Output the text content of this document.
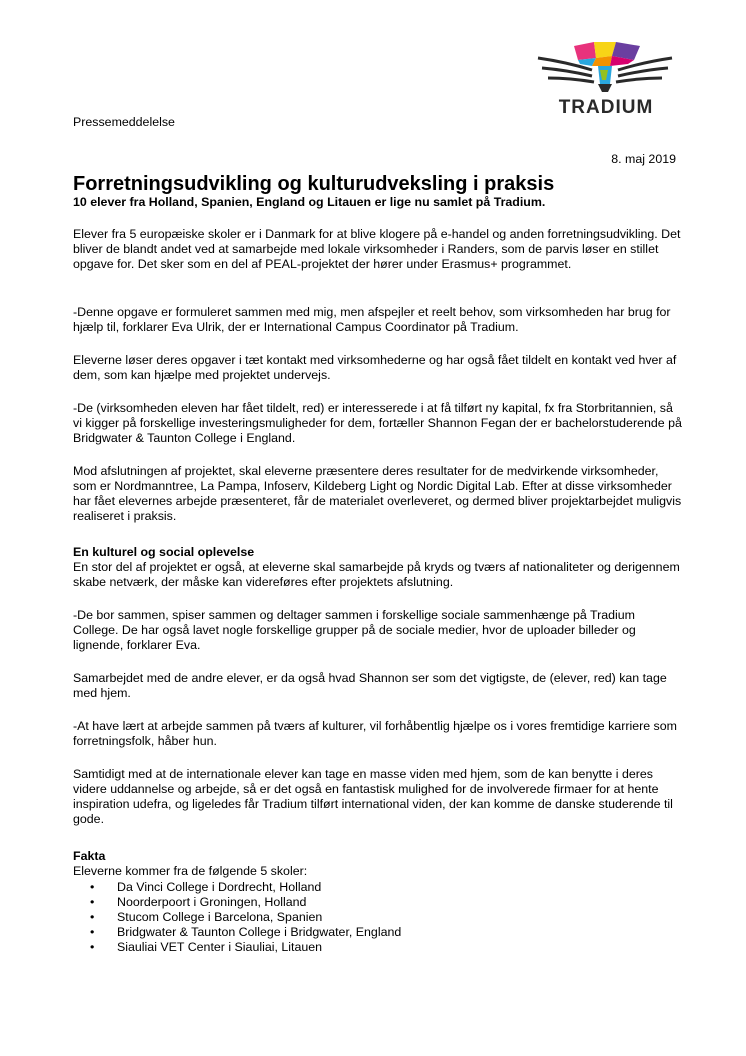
TRADIUM
Pressemeddelelse
8. maj 2019
Forretningsudvikling og kulturudveksling i praksis
10 elever fra Holland, Spanien, England og Litauen er lige nu samlet på Tradium.

Elever fra 5 europæiske skoler er i Danmark for at blive klogere på e-handel og anden forretningsudvikling. Det bliver de blandt andet ved at samarbejde med lokale virksomheder i Randers, som de parvis løser en stillet opgave for. Det sker som en del af PEAL-projektet der hører under Erasmus+ programmet.

-Denne opgave er formuleret sammen med mig, men afspejler et reelt behov, som virksomheden har brug for hjælp til, forklarer Eva Ulrik, der er International Campus Coordinator på Tradium.

Eleverne løser deres opgaver i tæt kontakt med virksomhederne og har også fået tildelt en kontakt ved hver af dem, som kan hjælpe med projektet undervejs.

-De (virksomheden eleven har fået tildelt, red) er interesserede i at få tilført ny kapital, fx fra Storbritannien, så vi kigger på forskellige investeringsmuligheder for dem, fortæller Shannon Fegan der er bachelorstuderende på Bridgwater & Taunton College i England.

Mod afslutningen af projektet, skal eleverne præsentere deres resultater for de medvirkende virksomheder, som er Nordmanntree, La Pampa, Infoserv, Kildeberg Light og Nordic Digital Lab. Efter at disse virksomheder har fået elevernes arbejde præsenteret, får de materialet overleveret, og dermed bliver projektarbejdet muligvis realiseret i praksis.

En kulturel og social oplevelse

En stor del af projektet er også, at eleverne skal samarbejde på kryds og tværs af nationaliteter og derigennem skabe netværk, der måske kan videreføres efter projektets afslutning.

-De bor sammen, spiser sammen og deltager sammen i forskellige sociale sammenhænge på Tradium College. De har også lavet nogle forskellige grupper på de sociale medier, hvor de uploader billeder og lignende, forklarer Eva.

Samarbejdet med de andre elever, er da også hvad Shannon ser som det vigtigste, de (elever, red) kan tage med hjem.

-At have lært at arbejde sammen på tværs af kulturer, vil forhåbentlig hjælpe os i vores fremtidige karriere som forretningsfolk, håber hun.

Samtidigt med at de internationale elever kan tage en masse viden med hjem, som de kan benytte i deres videre uddannelse og arbejde, så er det også en fantastisk mulighed for de involverede firmaer for at hente inspiration udefra, og ligeledes får Tradium tilført international viden, der kan komme de danske studerende til gode.

Fakta

Eleverne kommer fra de følgende 5 skoler:

• Da Vinci College i Dordrecht, Holland
• Noorderpoort i Groningen, Holland
• Stucom College i Barcelona, Spanien
• Bridgwater & Taunton College i Bridgwater, England
• Siauliai VET Center i Siauliai, Litauen
